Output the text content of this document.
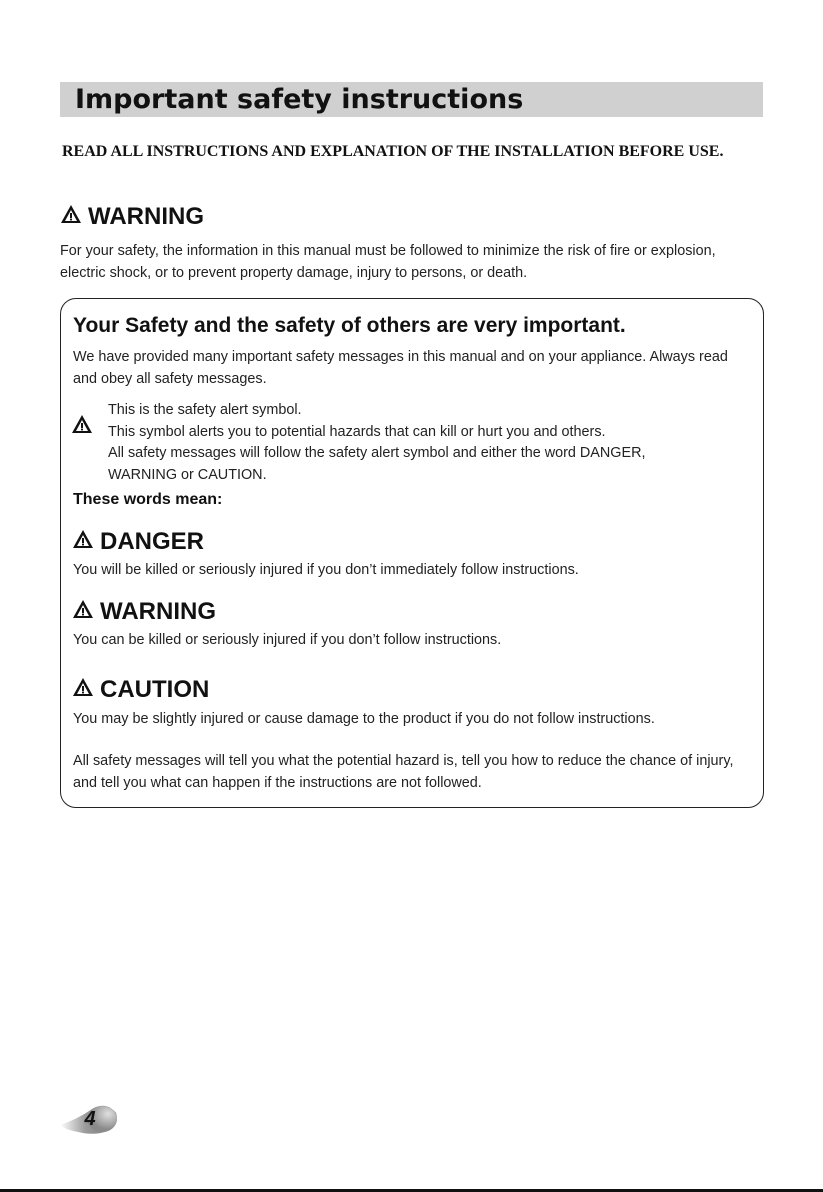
Important safety instructions
READ ALL INSTRUCTIONS AND EXPLANATION OF THE INSTALLATION BEFORE USE.
WARNING
For your safety, the information in this manual must be followed to minimize the risk of fire or explosion, electric shock, or to prevent property damage, injury to persons, or death.
Your Safety and the safety of others are very important.
We have provided many important safety messages in this manual and on your appliance. Always read and obey all safety messages.
This is the safety alert symbol.
This symbol alerts you to potential hazards that can kill or hurt you and others.
All safety messages will follow the safety alert symbol and either the word DANGER,
WARNING or CAUTION.
These words mean:
DANGER
You will be killed or seriously injured if you don’t immediately follow instructions.
WARNING
You can be killed or seriously injured if you don’t follow instructions.
CAUTION
You may be slightly injured or cause damage to the product if you do not follow instructions.
All safety messages will tell you what the potential hazard is, tell you how to reduce the chance of injury, and tell you what can happen if the instructions are not followed.
4
